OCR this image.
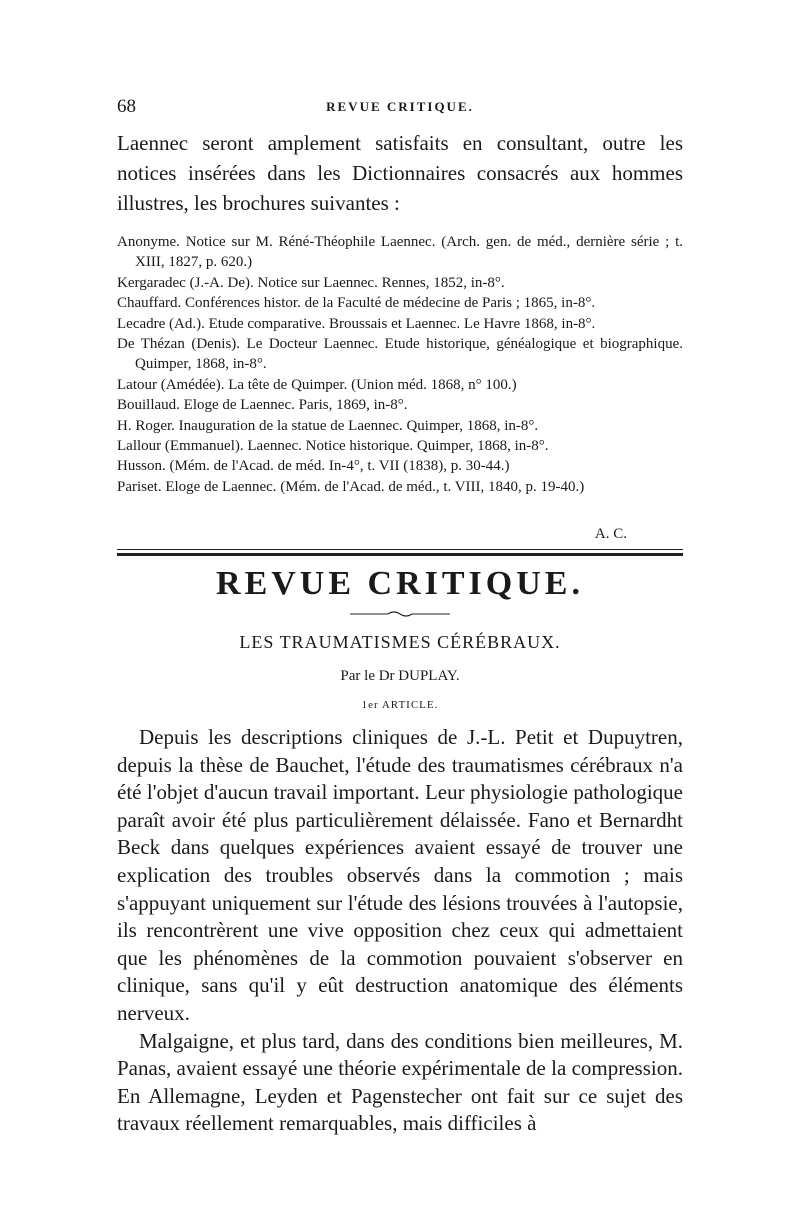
68	REVUE CRITIQUE.

Laennec seront amplement satisfaits en consultant, outre les notices insérées dans les Dictionnaires consacrés aux hommes illustres, les brochures suivantes :

Anonyme. Notice sur M. Réné-Théophile Laennec. (Arch. gen. de méd., dernière série ; t. XIII, 1827, p. 620.)
Kergaradec (J.-A. De). Notice sur Laennec. Rennes, 1852, in-8°.
Chauffard. Conférences histor. de la Faculté de médecine de Paris ; 1865, in-8°.
Lecadre (Ad.). Etude comparative. Broussais et Laennec. Le Havre 1868, in-8°.
De Thézan (Denis). Le Docteur Laennec. Etude historique, généalogique et biographique. Quimper, 1868, in-8°.
Latour (Amédée). La tête de Quimper. (Union méd. 1868, n° 100.)
Bouillaud. Eloge de Laennec. Paris, 1869, in-8°.
H. Roger. Inauguration de la statue de Laennec. Quimper, 1868, in-8°.
Lallour (Emmanuel). Laennec. Notice historique. Quimper, 1868, in-8°.
Husson. (Mém. de l'Acad. de méd. In-4°, t. VII (1838), p. 30-44.)
Pariset. Eloge de Laennec. (Mém. de l'Acad. de méd., t. VIII, 1840, p. 19-40.)
A. C.
REVUE CRITIQUE.
LES TRAUMATISMES CÉRÉBRAUX.
Par le Dr DUPLAY.
1er ARTICLE.

Depuis les descriptions cliniques de J.-L. Petit et Dupuytren, depuis la thèse de Bauchet, l'étude des traumatismes cérébraux n'a été l'objet d'aucun travail important. Leur physiologie pathologique paraît avoir été plus particulièrement délaissée. Fano et Bernardht Beck dans quelques expériences avaient essayé de trouver une explication des troubles observés dans la commotion ; mais s'appuyant uniquement sur l'étude des lésions trouvées à l'autopsie, ils rencontrèrent une vive opposition chez ceux qui admettaient que les phénomènes de la commotion pouvaient s'observer en clinique, sans qu'il y eût destruction anatomique des éléments nerveux.

Malgaigne, et plus tard, dans des conditions bien meilleures, M. Panas, avaient essayé une théorie expérimentale de la compression. En Allemagne, Leyden et Pagenstecher ont fait sur ce sujet des travaux réellement remarquables, mais difficiles à
